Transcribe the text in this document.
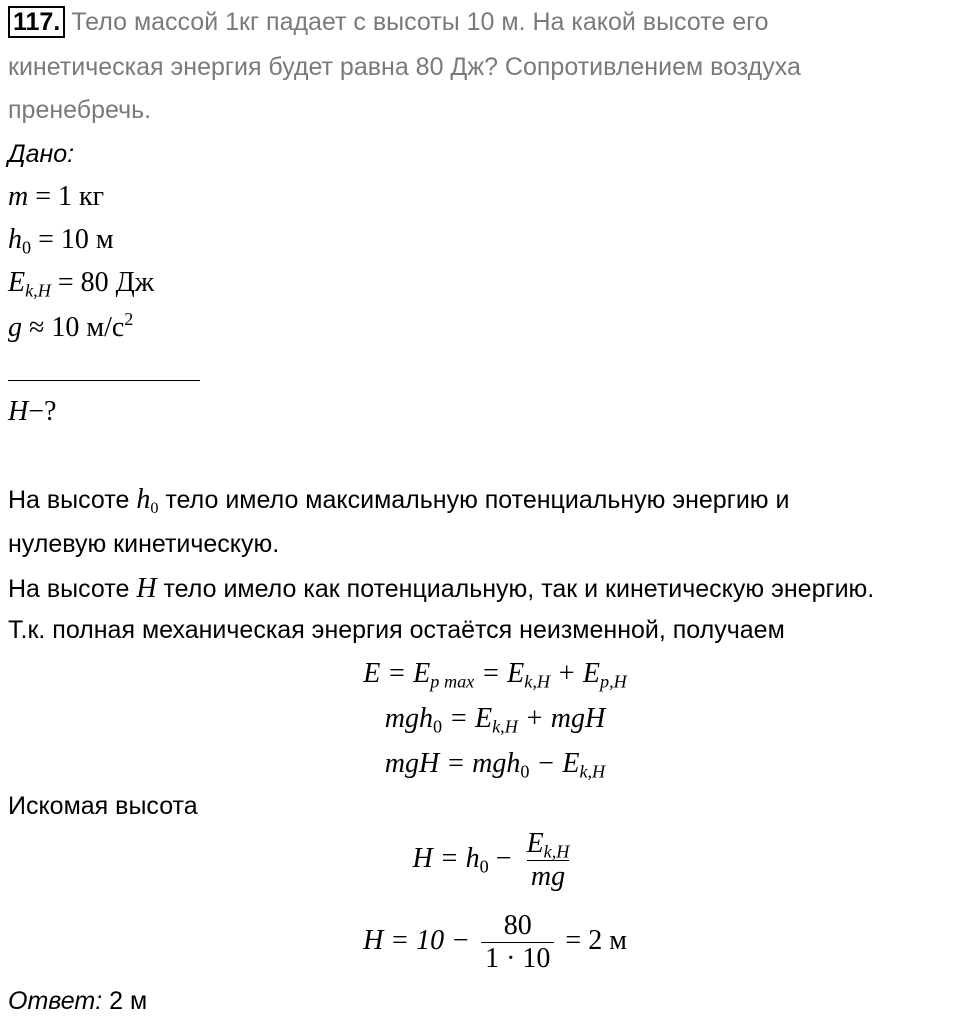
117. Тело массой 1кг падает с высоты 10 м. На какой высоте его
кинетическая энергия будет равна 80 Дж? Сопротивлением воздуха
пренебречь.
Дано:
m = 1 кг
$h_0 = 10$ м
$E_{k,H} = 80$ Дж
g ≈ 10 $м/с^2$
H−?
На высоте $h_0$ тело имело максимальную потенциальную энергию и
нулевую кинетическую.
На высоте H тело имело как потенциальную, так и кинетическую энергию.
Т.к. полная механическая энергия остаётся неизменной, получаем
$E = E_{p max} = E_{k,H} + E_{p,H}$
$mgh_0 = E_{k,H}$ + mgH
mgH = $mgh_0 - E_{k,H}$
Искомая высота
$H = h_0 - \frac{E_{k,H}}{mg}$
$H = 10 - \frac{80}{1 \cdot 10} = 2$ м
Ответ: 2 м
